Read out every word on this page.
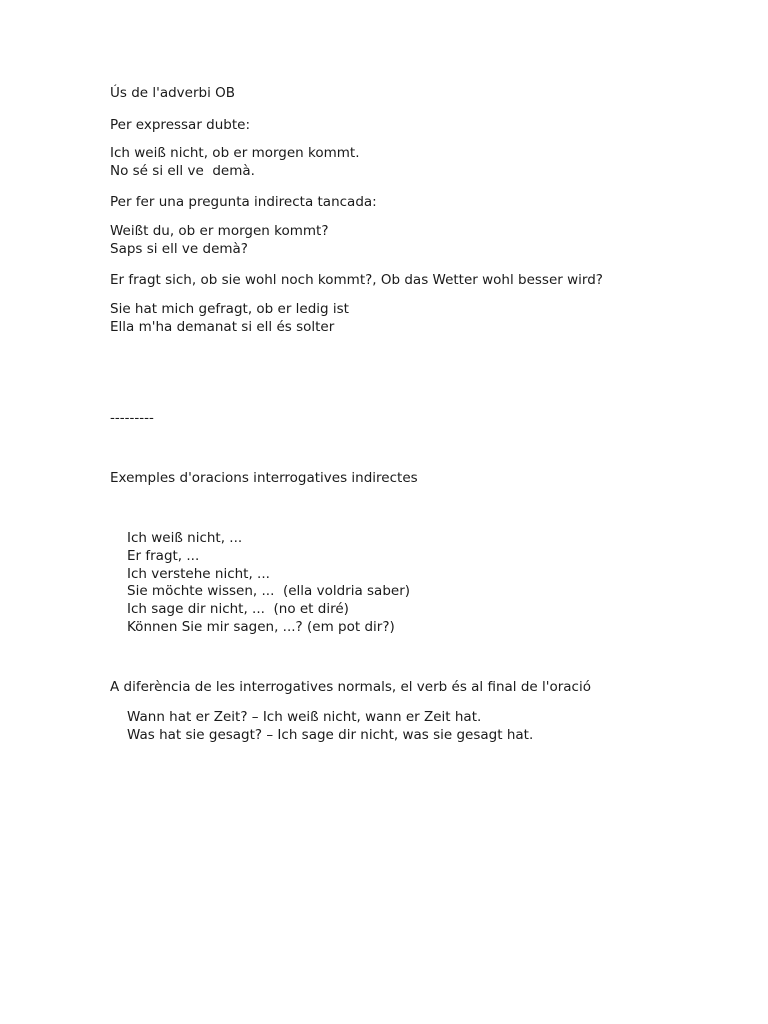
Ús de l'adverbi OB
Per expressar dubte:
Ich weiß nicht, ob er morgen kommt.
No sé si ell ve  demà.
Per fer una pregunta indirecta tancada:
Weißt du, ob er morgen kommt?
Saps si ell ve demà?
Er fragt sich, ob sie wohl noch kommt?, Ob das Wetter wohl besser wird?
Sie hat mich gefragt, ob er ledig ist
Ella m'ha demanat si ell és solter
---------
Exemples d'oracions interrogatives indirectes
Ich weiß nicht, ...
Er fragt, ...
Ich verstehe nicht, ...
Sie möchte wissen, ...  (ella voldria saber)
Ich sage dir nicht, ...  (no et diré)
Können Sie mir sagen, ...? (em pot dir?)
A diferència de les interrogatives normals, el verb és al final de l'oració
Wann hat er Zeit? – Ich weiß nicht, wann er Zeit hat.
Was hat sie gesagt? – Ich sage dir nicht, was sie gesagt hat.
